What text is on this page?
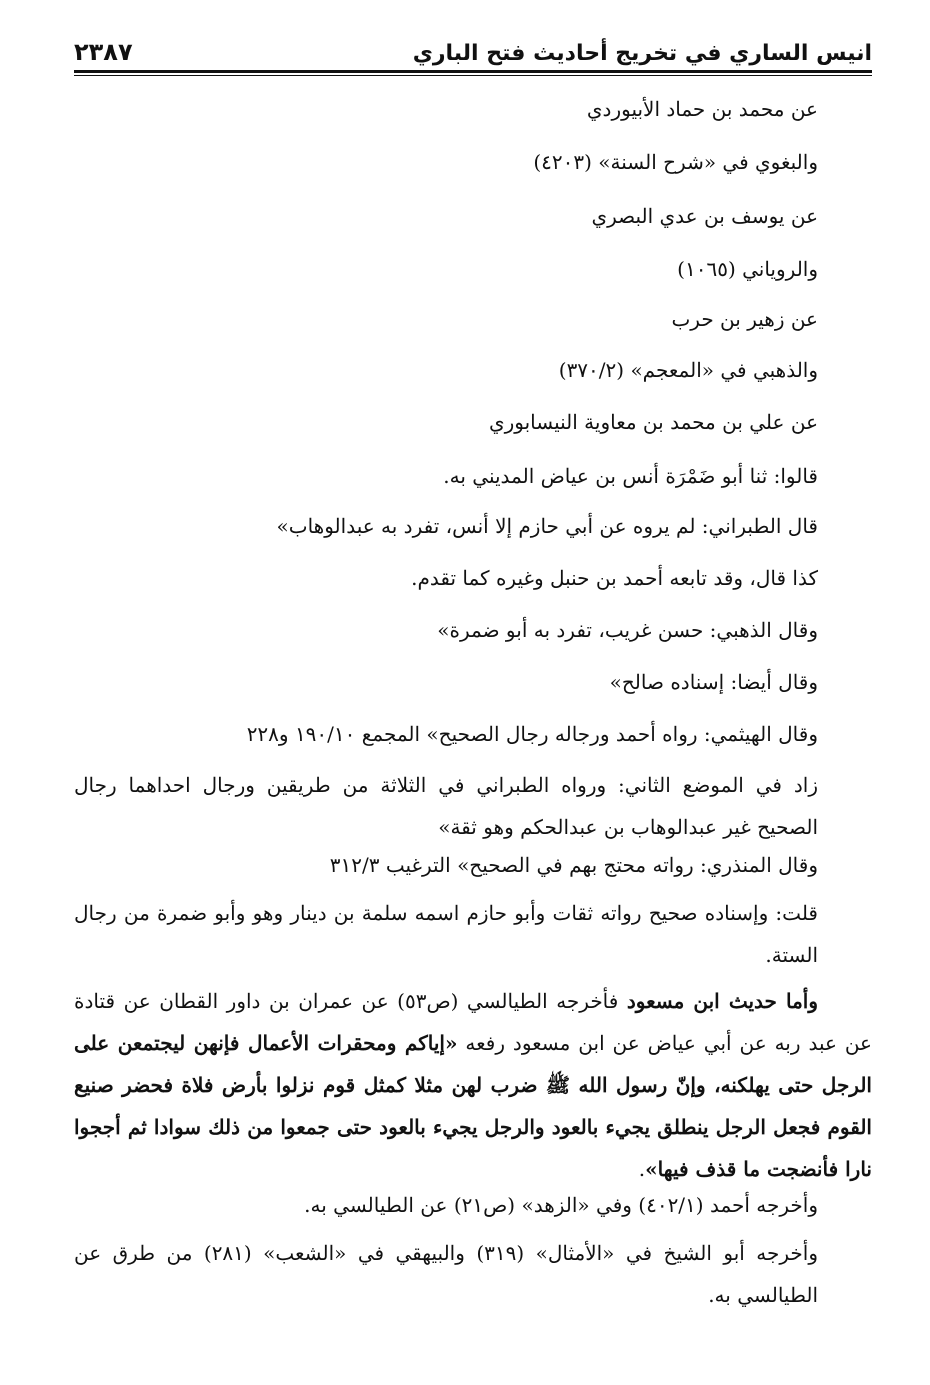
انيس الساري في تخريج أحاديث فتح الباري
٢٣٨٧
عن محمد بن حماد الأبيوردي
والبغوي في «شرح السنة» (٤٢٠٣)
عن يوسف بن عدي البصري
والروياني (١٠٦٥)
عن زهير بن حرب
والذهبي في «المعجم» (٣٧٠/٢)
عن علي بن محمد بن معاوية النيسابوري
قالوا: ثنا أبو ضَمْرَة أنس بن عياض المديني به.
قال الطبراني: لم يروه عن أبي حازم إلا أنس، تفرد به عبدالوهاب»
كذا قال، وقد تابعه أحمد بن حنبل وغيره كما تقدم.
وقال الذهبي: حسن غريب، تفرد به أبو ضمرة»
وقال أيضا: إسناده صالح»
وقال الهيثمي: رواه أحمد ورجاله رجال الصحيح» المجمع ١٩٠/١٠ و٢٢٨
زاد في الموضع الثاني: ورواه الطبراني في الثلاثة من طريقين ورجال احداهما رجال الصحيح غير عبدالوهاب بن عبدالحكم وهو ثقة»
وقال المنذري: رواته محتج بهم في الصحيح» الترغيب ٣١٢/٣
قلت: وإسناده صحيح رواته ثقات وأبو حازم اسمه سلمة بن دينار وهو وأبو ضمرة من رجال الستة.
وأما حديث ابن مسعود فأخرجه الطيالسي (ص٥٣) عن عمران بن داور القطان عن قتادة عن عبد ربه عن أبي عياض عن ابن مسعود رفعه «إياكم ومحقرات الأعمال فإنهن ليجتمعن على الرجل حتى يهلكنه، وإنّ رسول الله ﷺ ضرب لهن مثلا كمثل قوم نزلوا بأرض فلاة فحضر صنيع القوم فجعل الرجل ينطلق يجيء بالعود والرجل يجيء بالعود حتى جمعوا من ذلك سوادا ثم أججوا نارا فأنضجت ما قذف فيها».
وأخرجه أحمد (٤٠٢/١) وفي «الزهد» (ص٢١) عن الطيالسي به.
وأخرجه أبو الشيخ في «الأمثال» (٣١٩) والبيهقي في «الشعب» (٢٨١) من طرق عن الطيالسي به.
